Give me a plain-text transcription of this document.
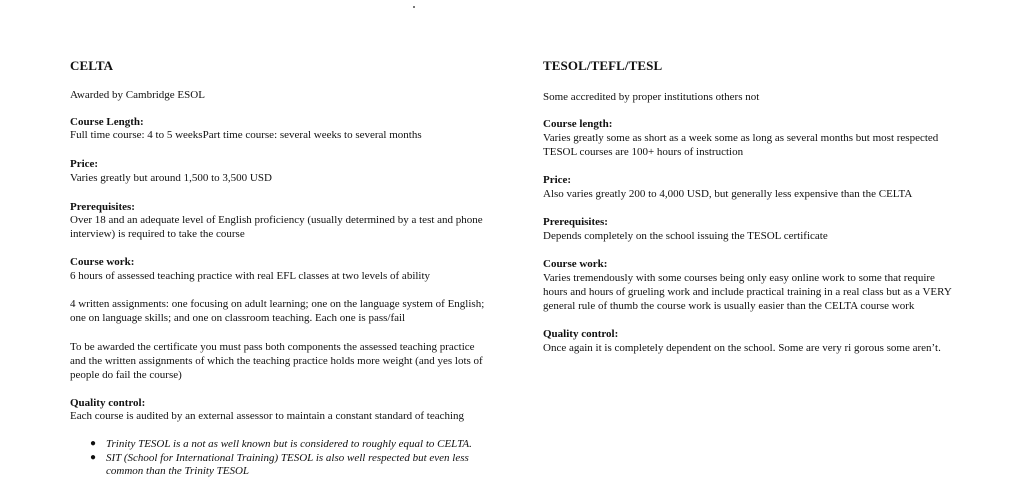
CELTA
Awarded by Cambridge ESOL
Course Length:
Full time course: 4 to 5 weeksPart time course: several weeks to several months
Price:
Varies greatly but around 1,500 to 3,500 USD
Prerequisites:
Over 18 and an adequate level of English proficiency (usually determined by a test and phone
interview) is required to take the course
Course work:
6 hours of assessed teaching practice with real EFL classes at two levels of ability
4 written assignments: one focusing on adult learning; one on the language system of English;
one on language skills; and one on classroom teaching. Each one is pass/fail
To be awarded the certificate you must pass both components the assessed teaching practice
and the written assignments of which the teaching practice holds more weight (and yes lots of
people do fail the course)
Quality control:
Each course is audited by an external assessor to maintain a constant standard of teaching
● Trinity TESOL is a not as well known but is considered to roughly equal to CELTA.
● SIT (School for International Training) TESOL is also well respected but even less
common than the Trinity TESOL
TESOL/TEFL/TESL
Some accredited by proper institutions others not
Course length:
Varies greatly some as short as a week some as long as several months but most respected
TESOL courses are 100+ hours of instruction
Price:
Also varies greatly 200 to 4,000 USD, but generally less expensive than the CELTA
Prerequisites:
Depends completely on the school issuing the TESOL certificate
Course work:
Varies tremendously with some courses being only easy online work to some that require
hours and hours of grueling work and include practical training in a real class but as a VERY
general rule of thumb the course work is usually easier than the CELTA course work
Quality control:
Once again it is completely dependent on the school. Some are very ri gorous some aren’t.
